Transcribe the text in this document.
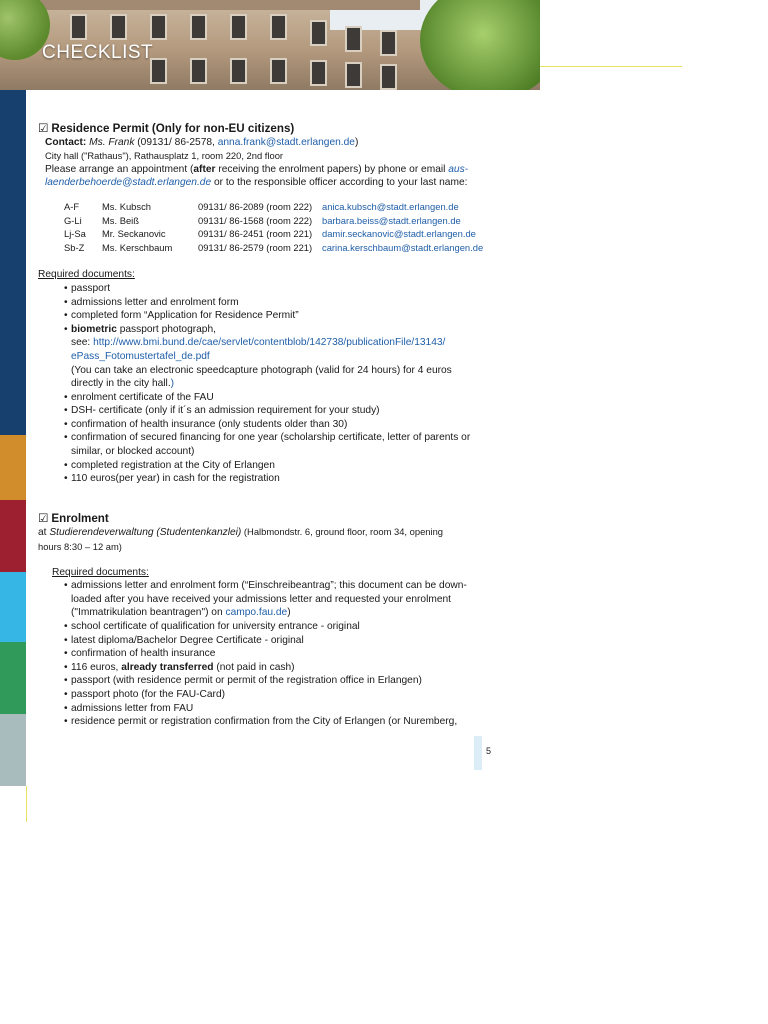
CHECKLIST
☑ Residence Permit (Only for non-EU citizens)
Contact: Ms. Frank (09131/ 86-2578, anna.frank@stadt.erlangen.de)
City hall ("Rathaus"), Rathausplatz 1, room 220, 2nd floor
Please arrange an appointment (after receiving the enrolment papers) by phone or email aus-
laenderbehoerde@stadt.erlangen.de or to the responsible officer according to your last name:
A-F	Ms. Kubsch	09131/ 86-2089 (room 222)	anica.kubsch@stadt.erlangen.de
G-Li	Ms. Beiß	09131/ 86-1568 (room 222)	barbara.beiss@stadt.erlangen.de
Lj-Sa	Mr. Seckanovic	09131/ 86-2451 (room 221)	damir.seckanovic@stadt.erlangen.de
Sb-Z	Ms. Kerschbaum	09131/ 86-2579 (room 221)	carina.kerschbaum@stadt.erlangen.de
Required documents:
• passport
• admissions letter and enrolment form
• completed form “Application for Residence Permit”
• biometric passport photograph,
see: http://www.bmi.bund.de/cae/servlet/contentblob/142738/publicationFile/13143/
ePass_Fotomustertafel_de.pdf
(You can take an electronic speedcapture photograph (valid for 24 hours) for 4 euros
directly in the city hall.)
• enrolment certificate of the FAU
• DSH- certificate (only if it´s an admission requirement for your study)
• confirmation of health insurance (only students older than 30)
• confirmation of secured financing for one year (scholarship certificate, letter of parents or
similar, or blocked account)
• completed registration at the City of Erlangen
• 110 euros(per year) in cash for the registration
☑ Enrolment
at Studierendeverwaltung (Studentenkanzlei) (Halbmondstr. 6, ground floor, room 34, opening
hours 8:30 – 12 am)
Required documents:
• admissions letter and enrolment form (“Einschreibeantrag”; this document can be down-
loaded after you have received your admissions letter and requested your enrolment
("Immatrikulation beantragen") on campo.fau.de)
• school certificate of qualification for university entrance - original
• latest diploma/Bachelor Degree Certificate - original
• confirmation of health insurance
• 116 euros, already transferred (not paid in cash)
• passport (with residence permit or permit of the registration office in Erlangen)
• passport photo (for the FAU-Card)
• admissions letter from FAU
• residence permit or registration confirmation from the City of Erlangen (or Nuremberg,
5
